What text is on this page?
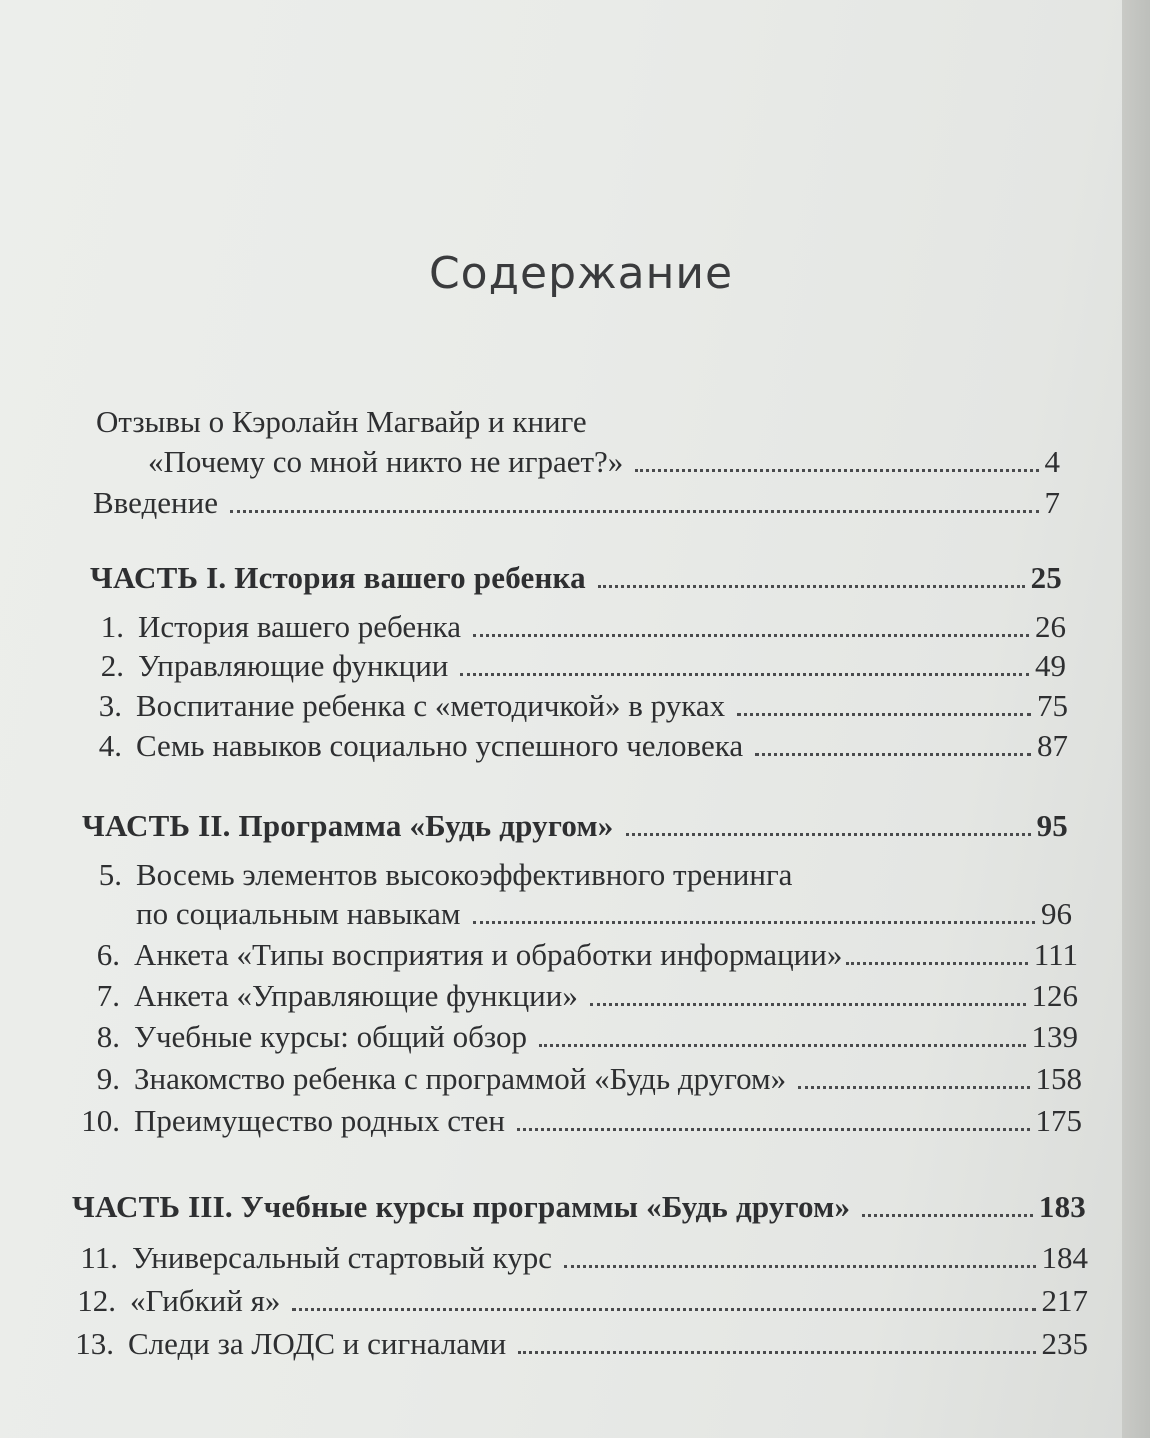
Содержание
Отзывы о Кэролайн Магвайр и книге
«Почему со мной никто не играет?»	4
Введение	7
ЧАСТЬ I. История вашего ребенка	25
1. История вашего ребенка	26
2. Управляющие функции	49
3. Воспитание ребенка с «методичкой» в руках	75
4. Семь навыков социально успешного человека	87
ЧАСТЬ II. Программа «Будь другом»	95
5. Восемь элементов высокоэффективного тренинга
по социальным навыкам	96
6. Анкета «Типы восприятия и обработки информации»	111
7. Анкета «Управляющие функции»	126
8. Учебные курсы: общий обзор	139
9. Знакомство ребенка с программой «Будь другом»	158
10. Преимущество родных стен	175
ЧАСТЬ III. Учебные курсы программы «Будь другом»	183
11. Универсальный стартовый курс	184
12. «Гибкий я»	217
13. Следи за ЛОДС и сигналами	235
